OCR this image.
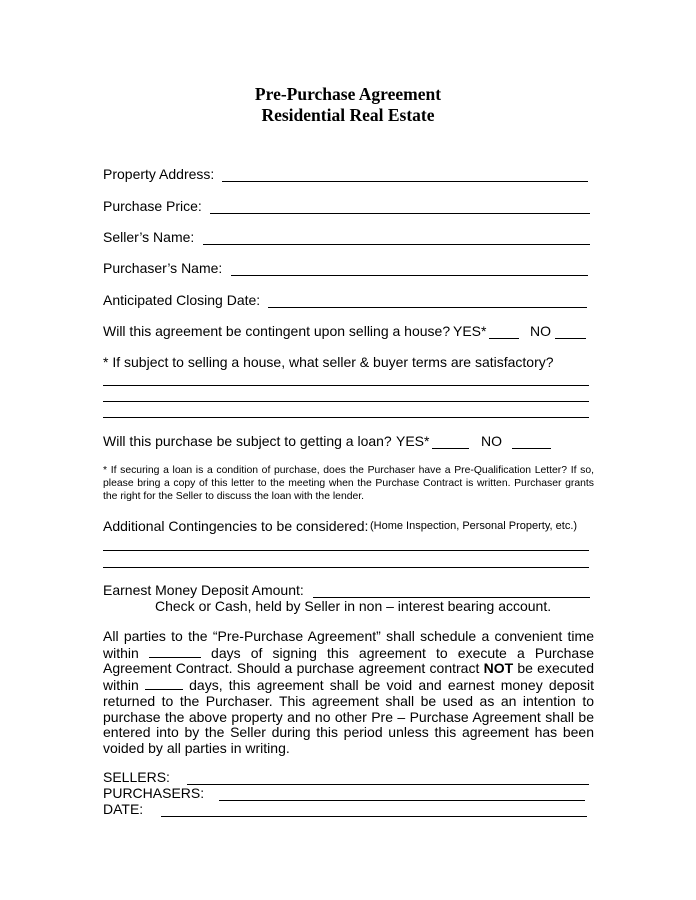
Pre-Purchase Agreement
Residential Real Estate
Property Address:
Purchase Price:
Seller’s Name:
Purchaser’s Name:
Anticipated Closing Date:
Will this agreement be contingent upon selling a house? YES*	NO
* If subject to selling a house, what seller & buyer terms are satisfactory?
Will this purchase be subject to getting a loan? YES*	NO
* If securing a loan is a condition of purchase, does the Purchaser have a Pre-Qualification Letter? If so, please bring a copy of this letter to the meeting when the Purchase Contract is written. Purchaser grants the right for the Seller to discuss the loan with the lender.
Additional Contingencies to be considered: (Home Inspection, Personal Property, etc.)
Earnest Money Deposit Amount:
Check or Cash, held by Seller in non – interest bearing account.
All parties to the “Pre-Purchase Agreement” shall schedule a convenient time within	days of signing this agreement to execute a Purchase Agreement Contract. Should a purchase agreement contract NOT be executed within	days, this agreement shall be void and earnest money deposit returned to the Purchaser. This agreement shall be used as an intention to purchase the above property and no other Pre – Purchase Agreement shall be entered into by the Seller during this period unless this agreement has been voided by all parties in writing.
SELLERS:
PURCHASERS:
DATE:
